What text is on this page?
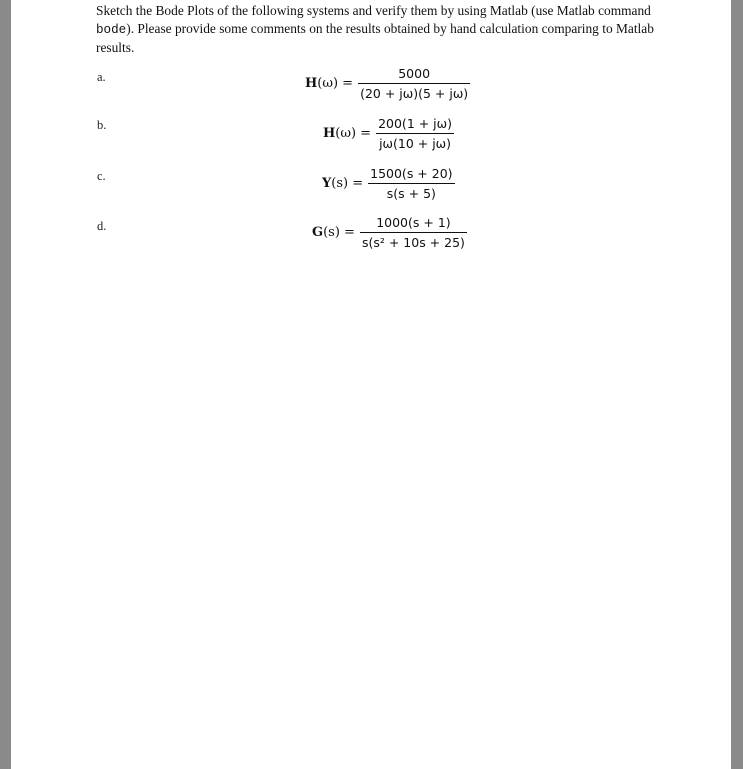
Sketch the Bode Plots of the following systems and verify them by using Matlab (use Matlab command bode). Please provide some comments on the results obtained by hand calculation comparing to Matlab results.
a.	$H(\omega) = \frac{5000}{(20 + j\omega)(5 + j\omega)}$
b.
$H(\omega) = \frac{200(1 + j\omega)}{j\omega(10 + j\omega)}$
c.	$Y(s) = \frac{1500(s + 20)}{s(s + 5)}$
d.	$G(s) = \frac{1000(s + 1)}{\text{s(s² + 10s + 25)}}$
